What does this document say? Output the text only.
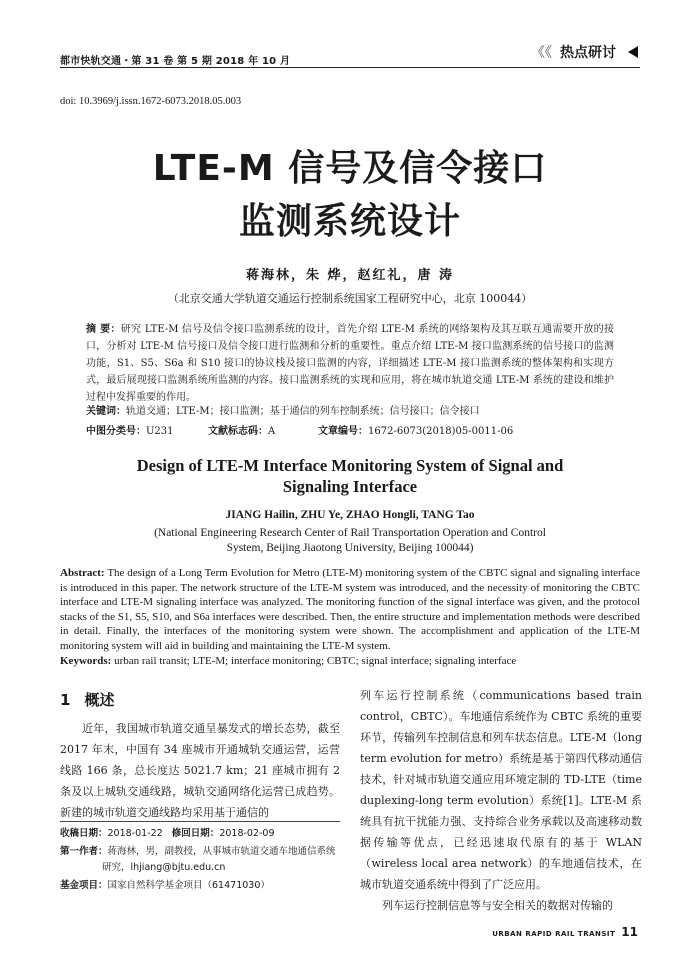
都市快轨交通・第 31 卷 第 5 期 2018 年 10 月
《《 热点研讨
doi: 10.3969/j.issn.1672-6073.2018.05.003
LTE-M 信号及信令接口
监测系统设计
蒋海林，朱 烨，赵红礼，唐 涛
（北京交通大学轨道交通运行控制系统国家工程研究中心，北京 100044）
摘 要：研究 LTE-M 信号及信令接口监测系统的设计，首先介绍 LTE-M 系统的网络架构及其互联互通需要开放的接口，分析对 LTE-M 信号接口及信令接口进行监测和分析的重要性。重点介绍 LTE-M 接口监测系统的信号接口的监测功能，S1、S5、S6a 和 S10 接口的协议栈及接口监测的内容，详细描述 LTE-M 接口监测系统的整体架构和实现方式，最后展现接口监测系统所监测的内容。接口监测系统的实现和应用，将在城市轨道交通 LTE-M 系统的建设和维护过程中发挥重要的作用。
关键词：轨道交通；LTE-M；接口监测；基于通信的列车控制系统；信号接口；信令接口
中图分类号：U231	文献标志码：A	文章编号：1672-6073(2018)05-0011-06
Design of LTE-M Interface Monitoring System of Signal and
Signaling Interface
JIANG Hailin, ZHU Ye, ZHAO Hongli, TANG Tao
(National Engineering Research Center of Rail Transportation Operation and Control
System, Beijing Jiaotong University, Beijing 100044)
Abstract: The design of a Long Term Evolution for Metro (LTE-M) monitoring system of the CBTC signal and signaling interface is introduced in this paper. The network structure of the LTE-M system was introduced, and the necessity of monitoring the CBTC interface and LTE-M signaling interface was analyzed. The monitoring function of the signal interface was given, and the protocol stacks of the S1, S5, S10, and S6a interfaces were described. Then, the entire structure and implementation methods were described in detail. Finally, the interfaces of the monitoring system were shown. The accomplishment and application of the LTE-M monitoring system will aid in building and maintaining the LTE-M system.
Keywords: urban rail transit; LTE-M; interface monitoring; CBTC; signal interface; signaling interface
1 概述
近年，我国城市轨道交通呈暴发式的增长态势，截至 2017 年末，中国有 34 座城市开通城轨交通运营，运营线路 166 条，总长度达 5021.7 km；21 座城市拥有 2 条及以上城轨交通线路，城轨交通网络化运营已成趋势。新建的城市轨道交通线路均采用基于通信的
收稿日期：2018-01-22 修回日期：2018-02-09
第一作者：蒋海林，男，副教授，从事城市轨道交通车地通信系统
研究，lhjiang@bjtu.edu.cn
基金项目：国家自然科学基金项目（61471030）
列车运行控制系统（communications based train control，CBTC）。车地通信系统作为 CBTC 系统的重要环节，传输列车控制信息和列车状态信息。LTE-M（long term evolution for metro）系统是基于第四代移动通信技术，针对城市轨道交通应用环境定制的 TD-LTE（time duplexing-long term evolution）系统[1]。LTE-M 系统具有抗干扰能力强、支持综合业务承载以及高速移动数据传输等优点，已经迅速取代原有的基于 WLAN（wireless local area network）的车地通信技术，在城市轨道交通系统中得到了广泛应用。
列车运行控制信息等与安全相关的数据对传输的
URBAN RAPID RAIL TRANSIT 11
